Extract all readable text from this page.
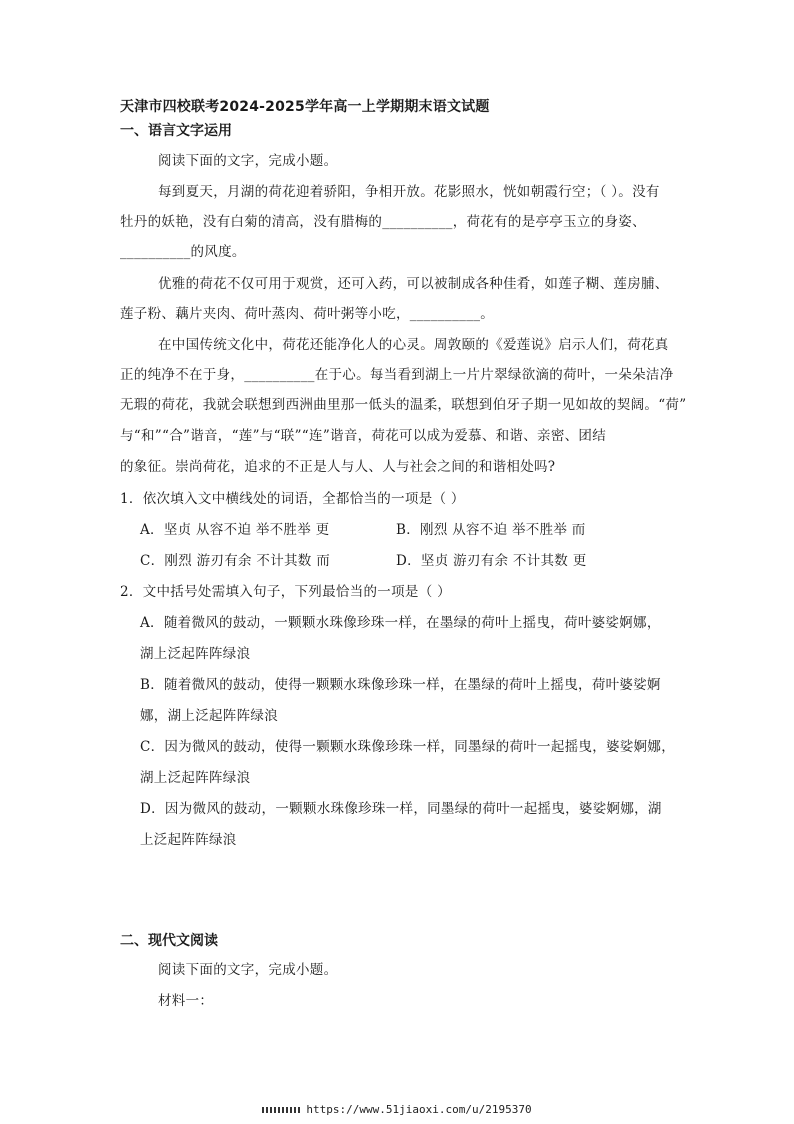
天津市四校联考2024-2025学年高一上学期期末语文试题
一、语言文字运用
阅读下面的文字，完成小题。
每到夏天，月湖的荷花迎着骄阳，争相开放。花影照水，恍如朝霞行空；（ ）。没有
牡丹的妖艳，没有白菊的清高，没有腊梅的__________，荷花有的是亭亭玉立的身姿、
__________的风度。
优雅的荷花不仅可用于观赏，还可入药，可以被制成各种佳肴，如莲子糊、莲房脯、
莲子粉、藕片夹肉、荷叶蒸肉、荷叶粥等小吃，__________。
在中国传统文化中，荷花还能净化人的心灵。周敦颐的《爱莲说》启示人们，荷花真
正的纯净不在于身，__________在于心。每当看到湖上一片片翠绿欲滴的荷叶，一朵朵洁净
无瑕的荷花，我就会联想到西洲曲里那一低头的温柔，联想到伯牙子期一见如故的契阔。“荷”
与“和”“合”谐音，“莲”与“联”“连”谐音，荷花可以成为爱慕、和谐、亲密、团结
的象征。崇尚荷花，追求的不正是人与人、人与社会之间的和谐相处吗?
1．依次填入文中横线处的词语，全都恰当的一项是（ ）
A．坚贞 从容不迫 举不胜举 更	B．刚烈 从容不迫 举不胜举 而
C．刚烈 游刃有余 不计其数 而	D．坚贞 游刃有余 不计其数 更
2．文中括号处需填入句子，下列最恰当的一项是（ ）
A．随着微风的鼓动，一颗颗水珠像珍珠一样，在墨绿的荷叶上摇曳，荷叶婆娑婀娜，
湖上泛起阵阵绿浪
B．随着微风的鼓动，使得一颗颗水珠像珍珠一样，在墨绿的荷叶上摇曳，荷叶婆娑婀
娜，湖上泛起阵阵绿浪
C．因为微风的鼓动，使得一颗颗水珠像珍珠一样，同墨绿的荷叶一起摇曳，婆娑婀娜，
湖上泛起阵阵绿浪
D．因为微风的鼓动，一颗颗水珠像珍珠一样，同墨绿的荷叶一起摇曳，婆娑婀娜，湖
上泛起阵阵绿浪
二、现代文阅读
阅读下面的文字，完成小题。
材料一：
https://www.51jiaoxi.com/u/2195370
